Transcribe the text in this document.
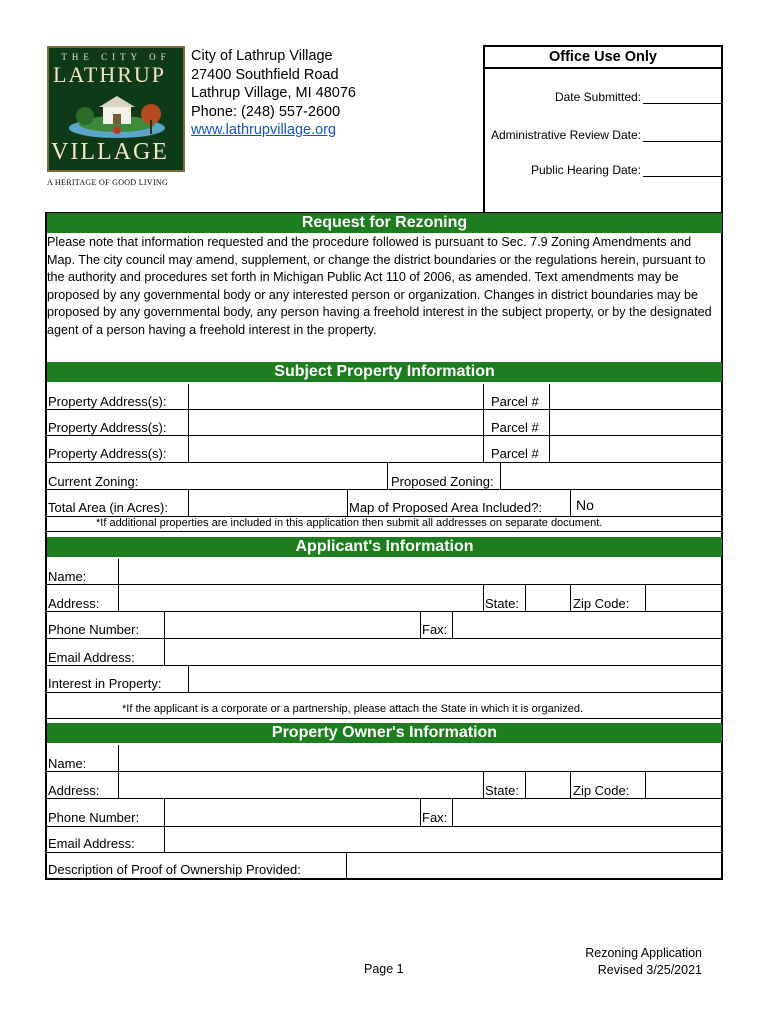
THE CITY OF
LATHRUP
VILLAGE
A HERITAGE OF GOOD LIVING
City of Lathrup Village
27400 Southfield Road
Lathrup Village, MI 48076
Phone: (248) 557-2600
www.lathrupvillage.org
Office Use Only
Date Submitted:
Administrative Review Date:
Public Hearing Date:
Request for Rezoning
Please note that information requested and the procedure followed is pursuant to Sec. 7.9 Zoning Amendments and Map. The city council may amend, supplement, or change the district boundaries or the regulations herein, pursuant to the authority and procedures set forth in Michigan Public Act 110 of 2006, as amended. Text amendments may be proposed by any governmental body or any interested person or organization. Changes in district boundaries may be proposed by any governmental body, any person having a freehold interest in the subject property, or by the designated agent of a person having a freehold interest in the property.
Subject Property Information
Property Address(s):	Parcel #
Property Address(s):	Parcel #
Property Address(s):	Parcel #
Current Zoning:	Proposed Zoning:
Total Area (in Acres):	Map of Proposed Area Included?: No
*If additional properties are included in this application then submit all addresses on separate document.
Applicant's Information
Name:
Address:	State:	Zip Code:
Phone Number:	Fax:
Email Address:
Interest in Property:
*If the applicant is a corporate or a partnership, please attach the State in which it is organized.
Property Owner's Information
Name:
Address:	State:	Zip Code:
Phone Number:	Fax:
Email Address:
Description of Proof of Ownership Provided:
Page 1
Rezoning Application
Revised 3/25/2021
